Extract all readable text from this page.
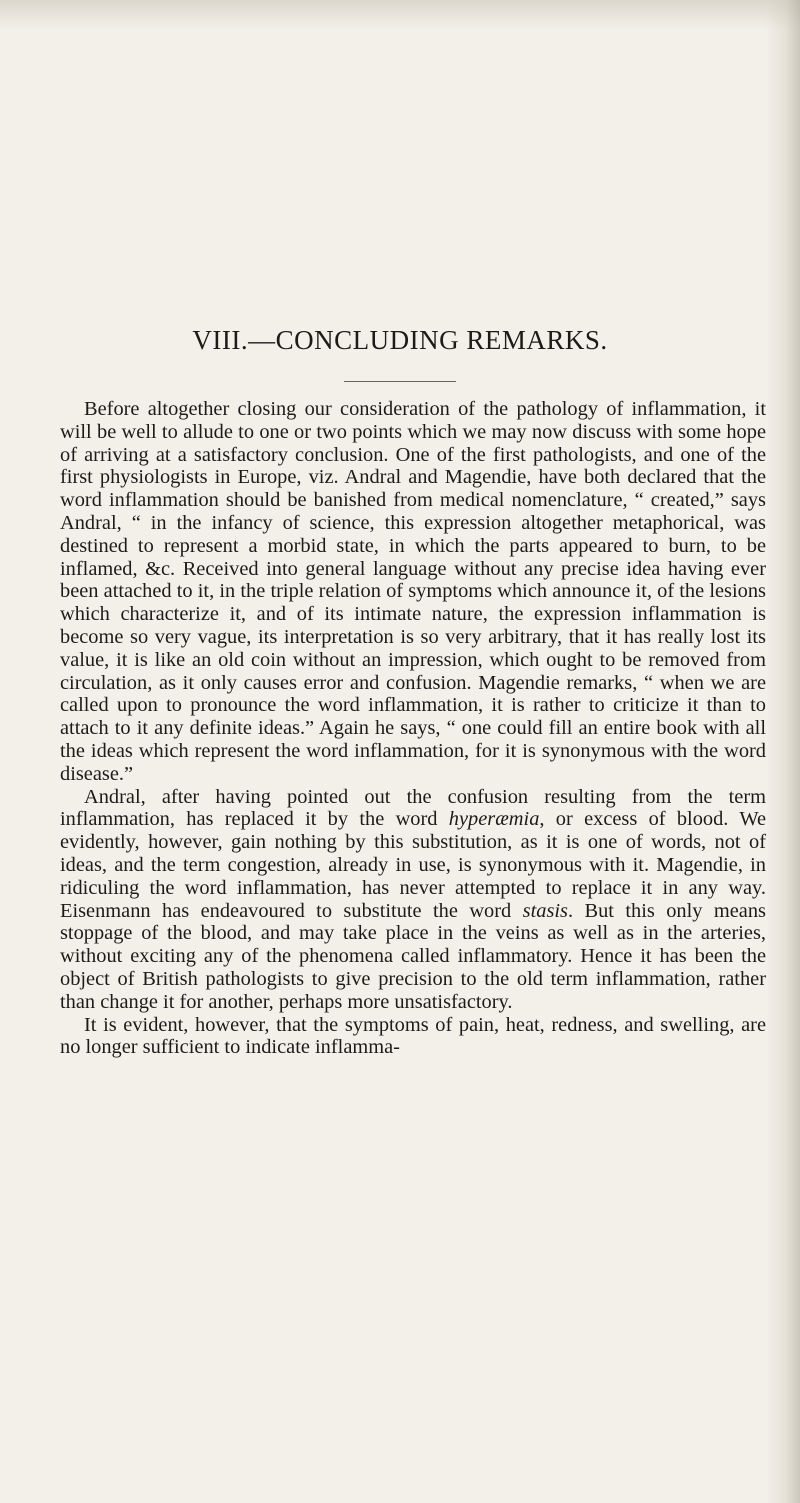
VIII.—CONCLUDING REMARKS.

Before altogether closing our consideration of the pathology of inflammation, it will be well to allude to one or two points which we may now discuss with some hope of arriving at a satisfactory conclusion. One of the first pathologists, and one of the first physiologists in Europe, viz. Andral and Magendie, have both declared that the word inflammation should be banished from medical nomenclature, “ created,” says Andral, “ in the infancy of science, this expression altogether metaphorical, was destined to represent a morbid state, in which the parts appeared to burn, to be inflamed, &c. Received into general language without any precise idea having ever been attached to it, in the triple relation of symptoms which announce it, of the lesions which characterize it, and of its intimate nature, the expression inflammation is become so very vague, its interpretation is so very arbitrary, that it has really lost its value, it is like an old coin without an impression, which ought to be removed from circulation, as it only causes error and confusion. Magendie remarks, “ when we are called upon to pronounce the word inflammation, it is rather to criticize it than to attach to it any definite ideas.” Again he says, “ one could fill an entire book with all the ideas which represent the word inflammation, for it is synonymous with the word disease.”

Andral, after having pointed out the confusion resulting from the term inflammation, has replaced it by the word hyperæmia, or excess of blood. We evidently, however, gain nothing by this substitution, as it is one of words, not of ideas, and the term congestion, already in use, is synonymous with it. Magendie, in ridiculing the word inflammation, has never attempted to replace it in any way. Eisenmann has endeavoured to substitute the word stasis. But this only means stoppage of the blood, and may take place in the veins as well as in the arteries, without exciting any of the phenomena called inflammatory. Hence it has been the object of British pathologists to give precision to the old term inflammation, rather than change it for another, perhaps more unsatisfactory.

It is evident, however, that the symptoms of pain, heat, redness, and swelling, are no longer sufficient to indicate inflamma-
